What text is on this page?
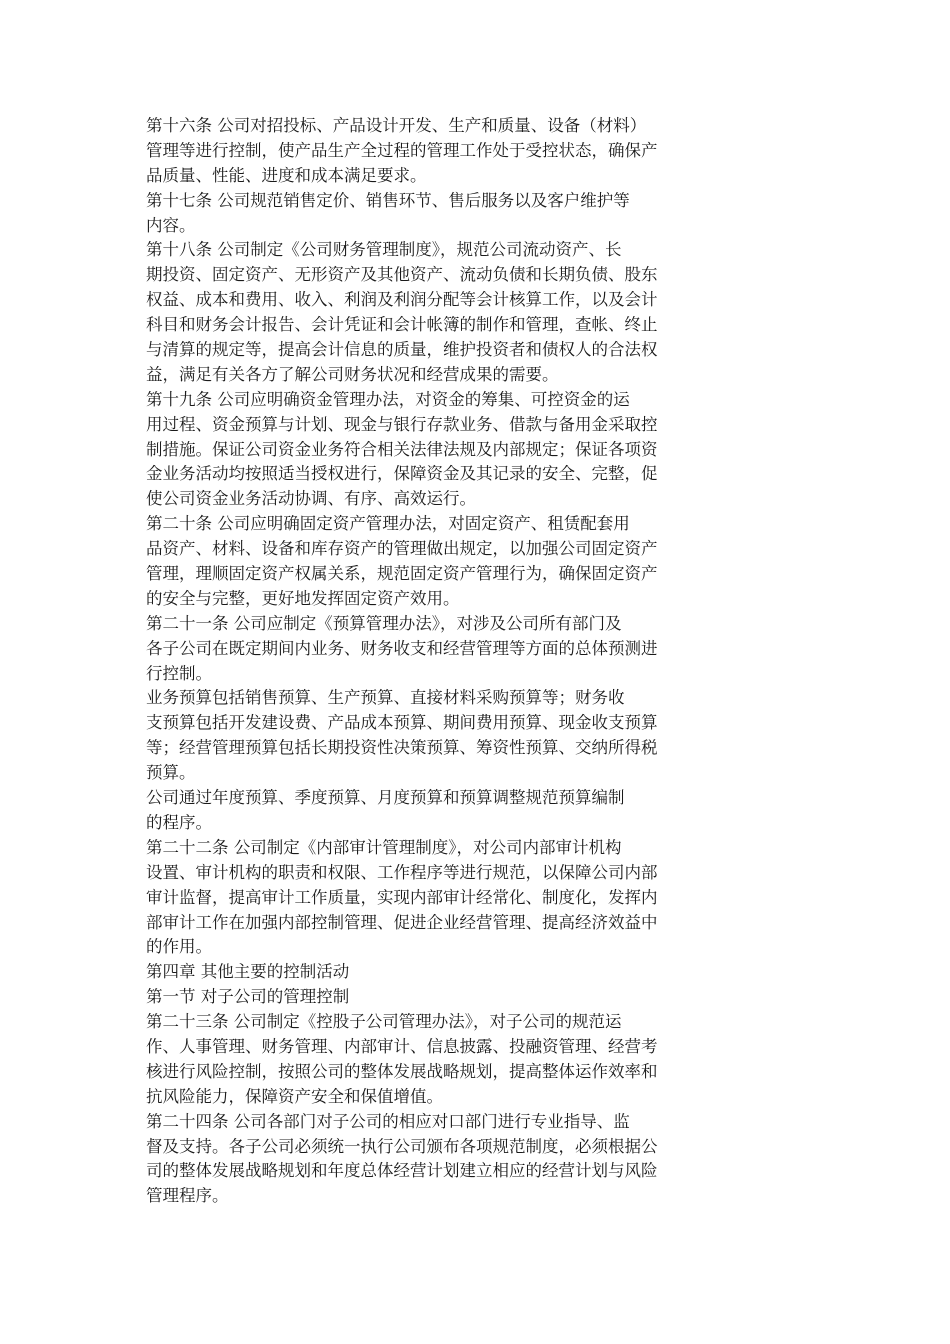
第十六条 公司对招投标、产品设计开发、生产和质量、设备（材料）
管理等进行控制，使产品生产全过程的管理工作处于受控状态，确保产
品质量、性能、进度和成本满足要求。
第十七条 公司规范销售定价、销售环节、售后服务以及客户维护等
内容。
第十八条 公司制定《公司财务管理制度》，规范公司流动资产、长
期投资、固定资产、无形资产及其他资产、流动负债和长期负债、股东
权益、成本和费用、收入、利润及利润分配等会计核算工作，以及会计
科目和财务会计报告、会计凭证和会计帐簿的制作和管理，查帐、终止
与清算的规定等，提高会计信息的质量，维护投资者和债权人的合法权
益，满足有关各方了解公司财务状况和经营成果的需要。
第十九条 公司应明确资金管理办法，对资金的筹集、可控资金的运
用过程、资金预算与计划、现金与银行存款业务、借款与备用金采取控
制措施。保证公司资金业务符合相关法律法规及内部规定；保证各项资
金业务活动均按照适当授权进行，保障资金及其记录的安全、完整，促
使公司资金业务活动协调、有序、高效运行。
第二十条 公司应明确固定资产管理办法，对固定资产、租赁配套用
品资产、材料、设备和库存资产的管理做出规定，以加强公司固定资产
管理，理顺固定资产权属关系，规范固定资产管理行为，确保固定资产
的安全与完整，更好地发挥固定资产效用。
第二十一条 公司应制定《预算管理办法》，对涉及公司所有部门及
各子公司在既定期间内业务、财务收支和经营管理等方面的总体预测进
行控制。
业务预算包括销售预算、生产预算、直接材料采购预算等；财务收
支预算包括开发建设费、产品成本预算、期间费用预算、现金收支预算
等；经营管理预算包括长期投资性决策预算、筹资性预算、交纳所得税
预算。
公司通过年度预算、季度预算、月度预算和预算调整规范预算编制
的程序。
第二十二条 公司制定《内部审计管理制度》，对公司内部审计机构
设置、审计机构的职责和权限、工作程序等进行规范，以保障公司内部
审计监督，提高审计工作质量，实现内部审计经常化、制度化，发挥内
部审计工作在加强内部控制管理、促进企业经营管理、提高经济效益中
的作用。
第四章 其他主要的控制活动
第一节 对子公司的管理控制
第二十三条 公司制定《控股子公司管理办法》，对子公司的规范运
作、人事管理、财务管理、内部审计、信息披露、投融资管理、经营考
核进行风险控制，按照公司的整体发展战略规划，提高整体运作效率和
抗风险能力，保障资产安全和保值增值。
第二十四条 公司各部门对子公司的相应对口部门进行专业指导、监
督及支持。各子公司必须统一执行公司颁布各项规范制度，必须根据公
司的整体发展战略规划和年度总体经营计划建立相应的经营计划与风险
管理程序。
